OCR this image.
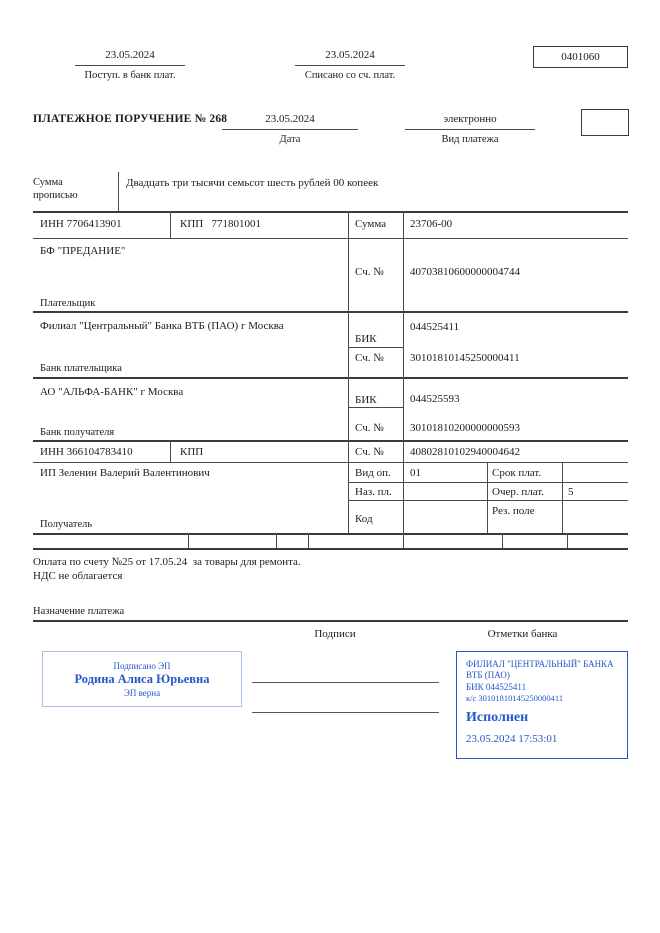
23.05.2024
Поступ. в банк плат.
23.05.2024
Списано со сч. плат.
0401060
ПЛАТЕЖНОЕ ПОРУЧЕНИЕ № 268	23.05.2024
Дата
электронно
Вид платежа
Сумма прописью
Двадцать три тысячи семьсот шесть рублей 00 копеек
ИНН 7706413901	КПП   771801001	Сумма 23706-00
БФ "ПРЕДАНИЕ"
Плательщик
Сч. № 40703810600000004744
Филиал "Центральный" Банка ВТБ (ПАО) г Москва
Банк плательщика
БИК
044525411
Сч. № 30101810145250000411
АО "АЛЬФА-БАНК" г Москва
Банк получателя
БИК	044525593
Сч. № 30101810200000000593
ИНН 366104783410	КПП	Сч. № 40802810102940004642
ИП Зеленин Валерий Валентинович
Получатель
Вид оп. 01	Срок плат.
Наз. пл.	Очер. плат. 5
Код
Рез. поле
Оплата по счету №25 от 17.05.24  за товары для ремонта.
НДС не облагается
Назначение платежа
Подписи	Отметки банка
Подписано ЭП
Родина Алиса Юрьевна
ЭП верна
ФИЛИАЛ "ЦЕНТРАЛЬНЫЙ" БАНКА ВТБ (ПАО)
БИК 044525411
к/с 30101810145250000411
Исполнен
23.05.2024 17:53:01
